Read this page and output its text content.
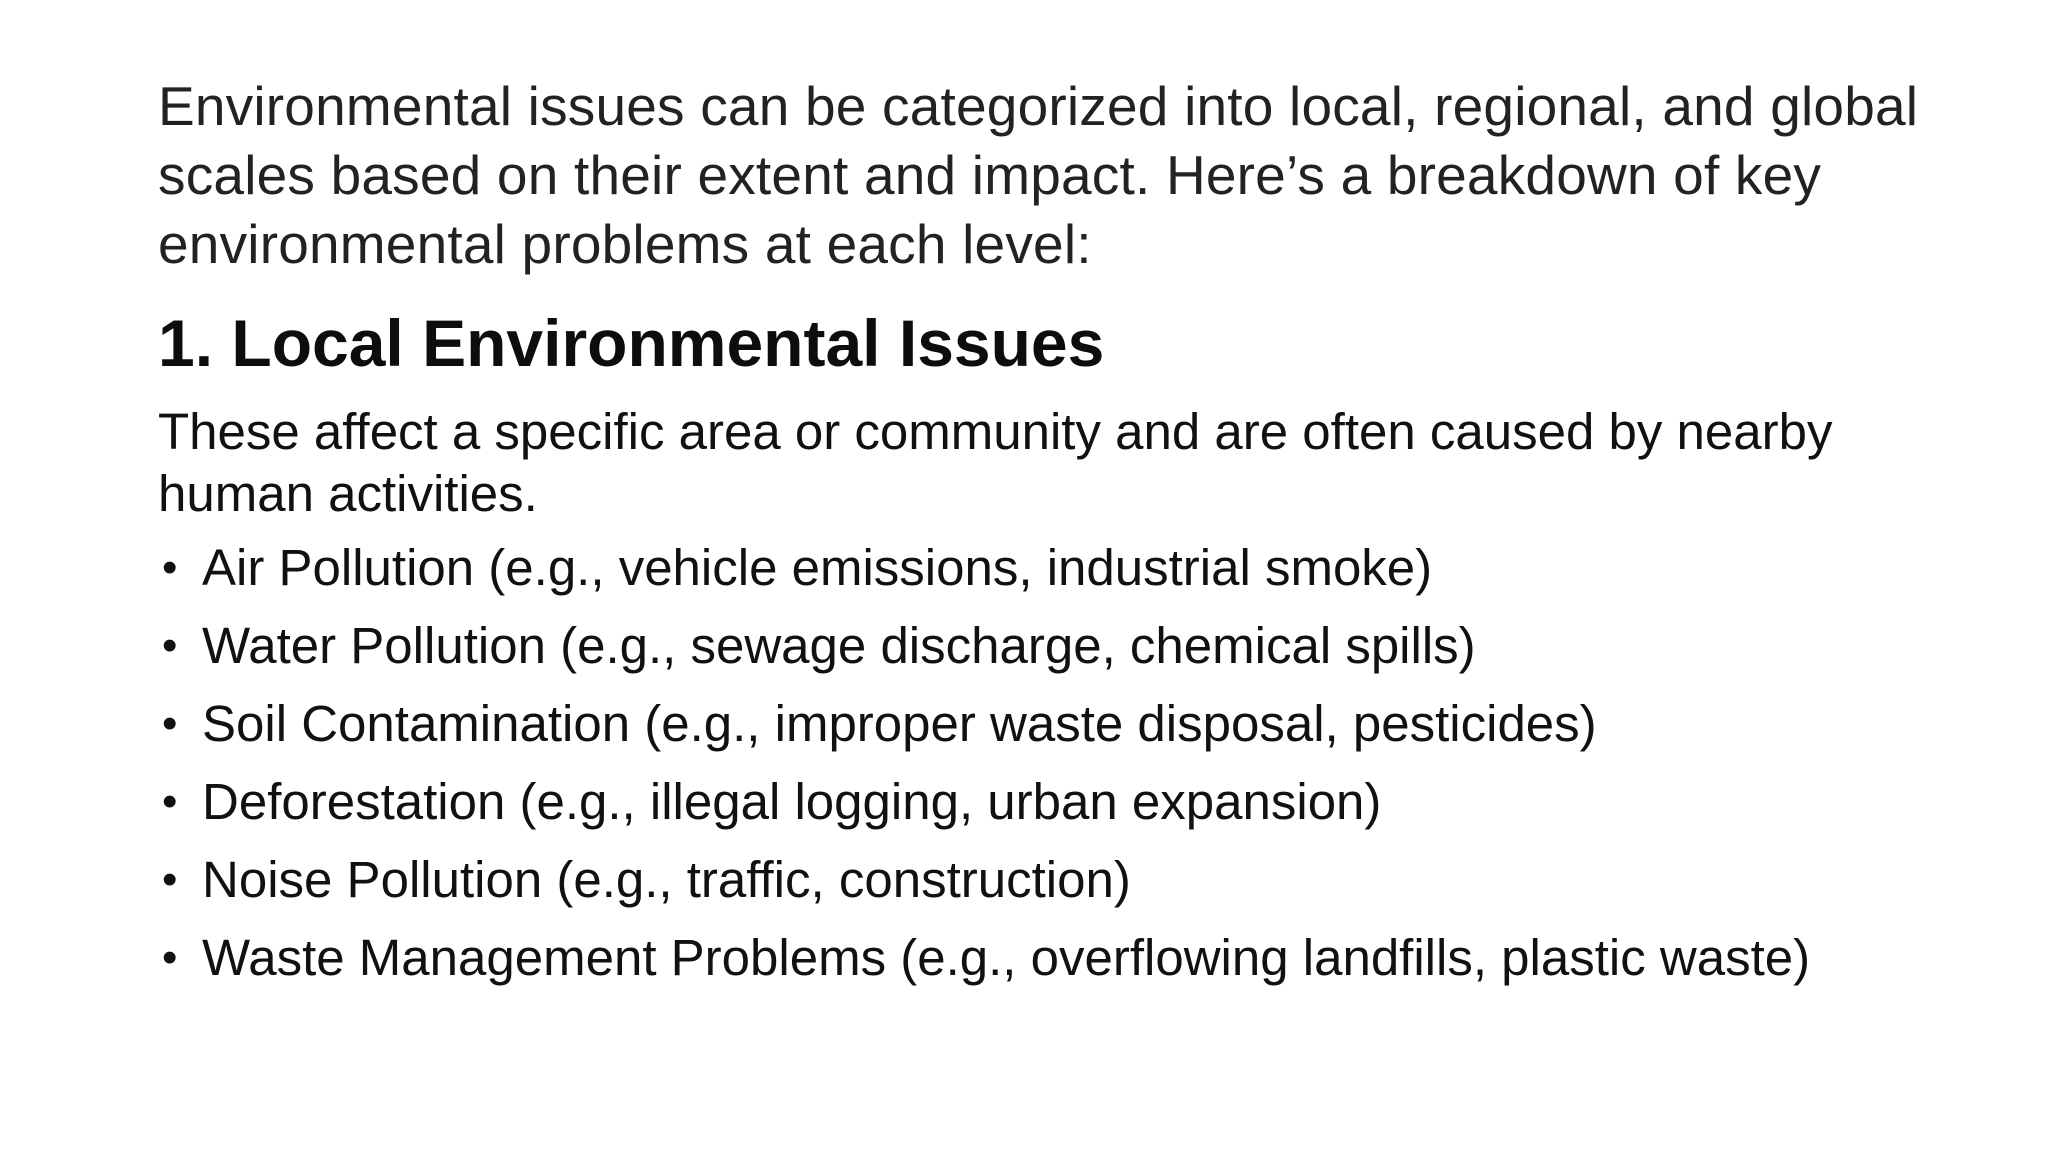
Environmental issues can be categorized into local, regional, and global scales based on their extent and impact. Here’s a breakdown of key environmental problems at each level:

1. Local Environmental Issues

These affect a specific area or community and are often caused by nearby human activities.

• Air Pollution (e.g., vehicle emissions, industrial smoke)
• Water Pollution (e.g., sewage discharge, chemical spills)
• Soil Contamination (e.g., improper waste disposal, pesticides)
• Deforestation (e.g., illegal logging, urban expansion)
• Noise Pollution (e.g., traffic, construction)
• Waste Management Problems (e.g., overflowing landfills, plastic waste)
